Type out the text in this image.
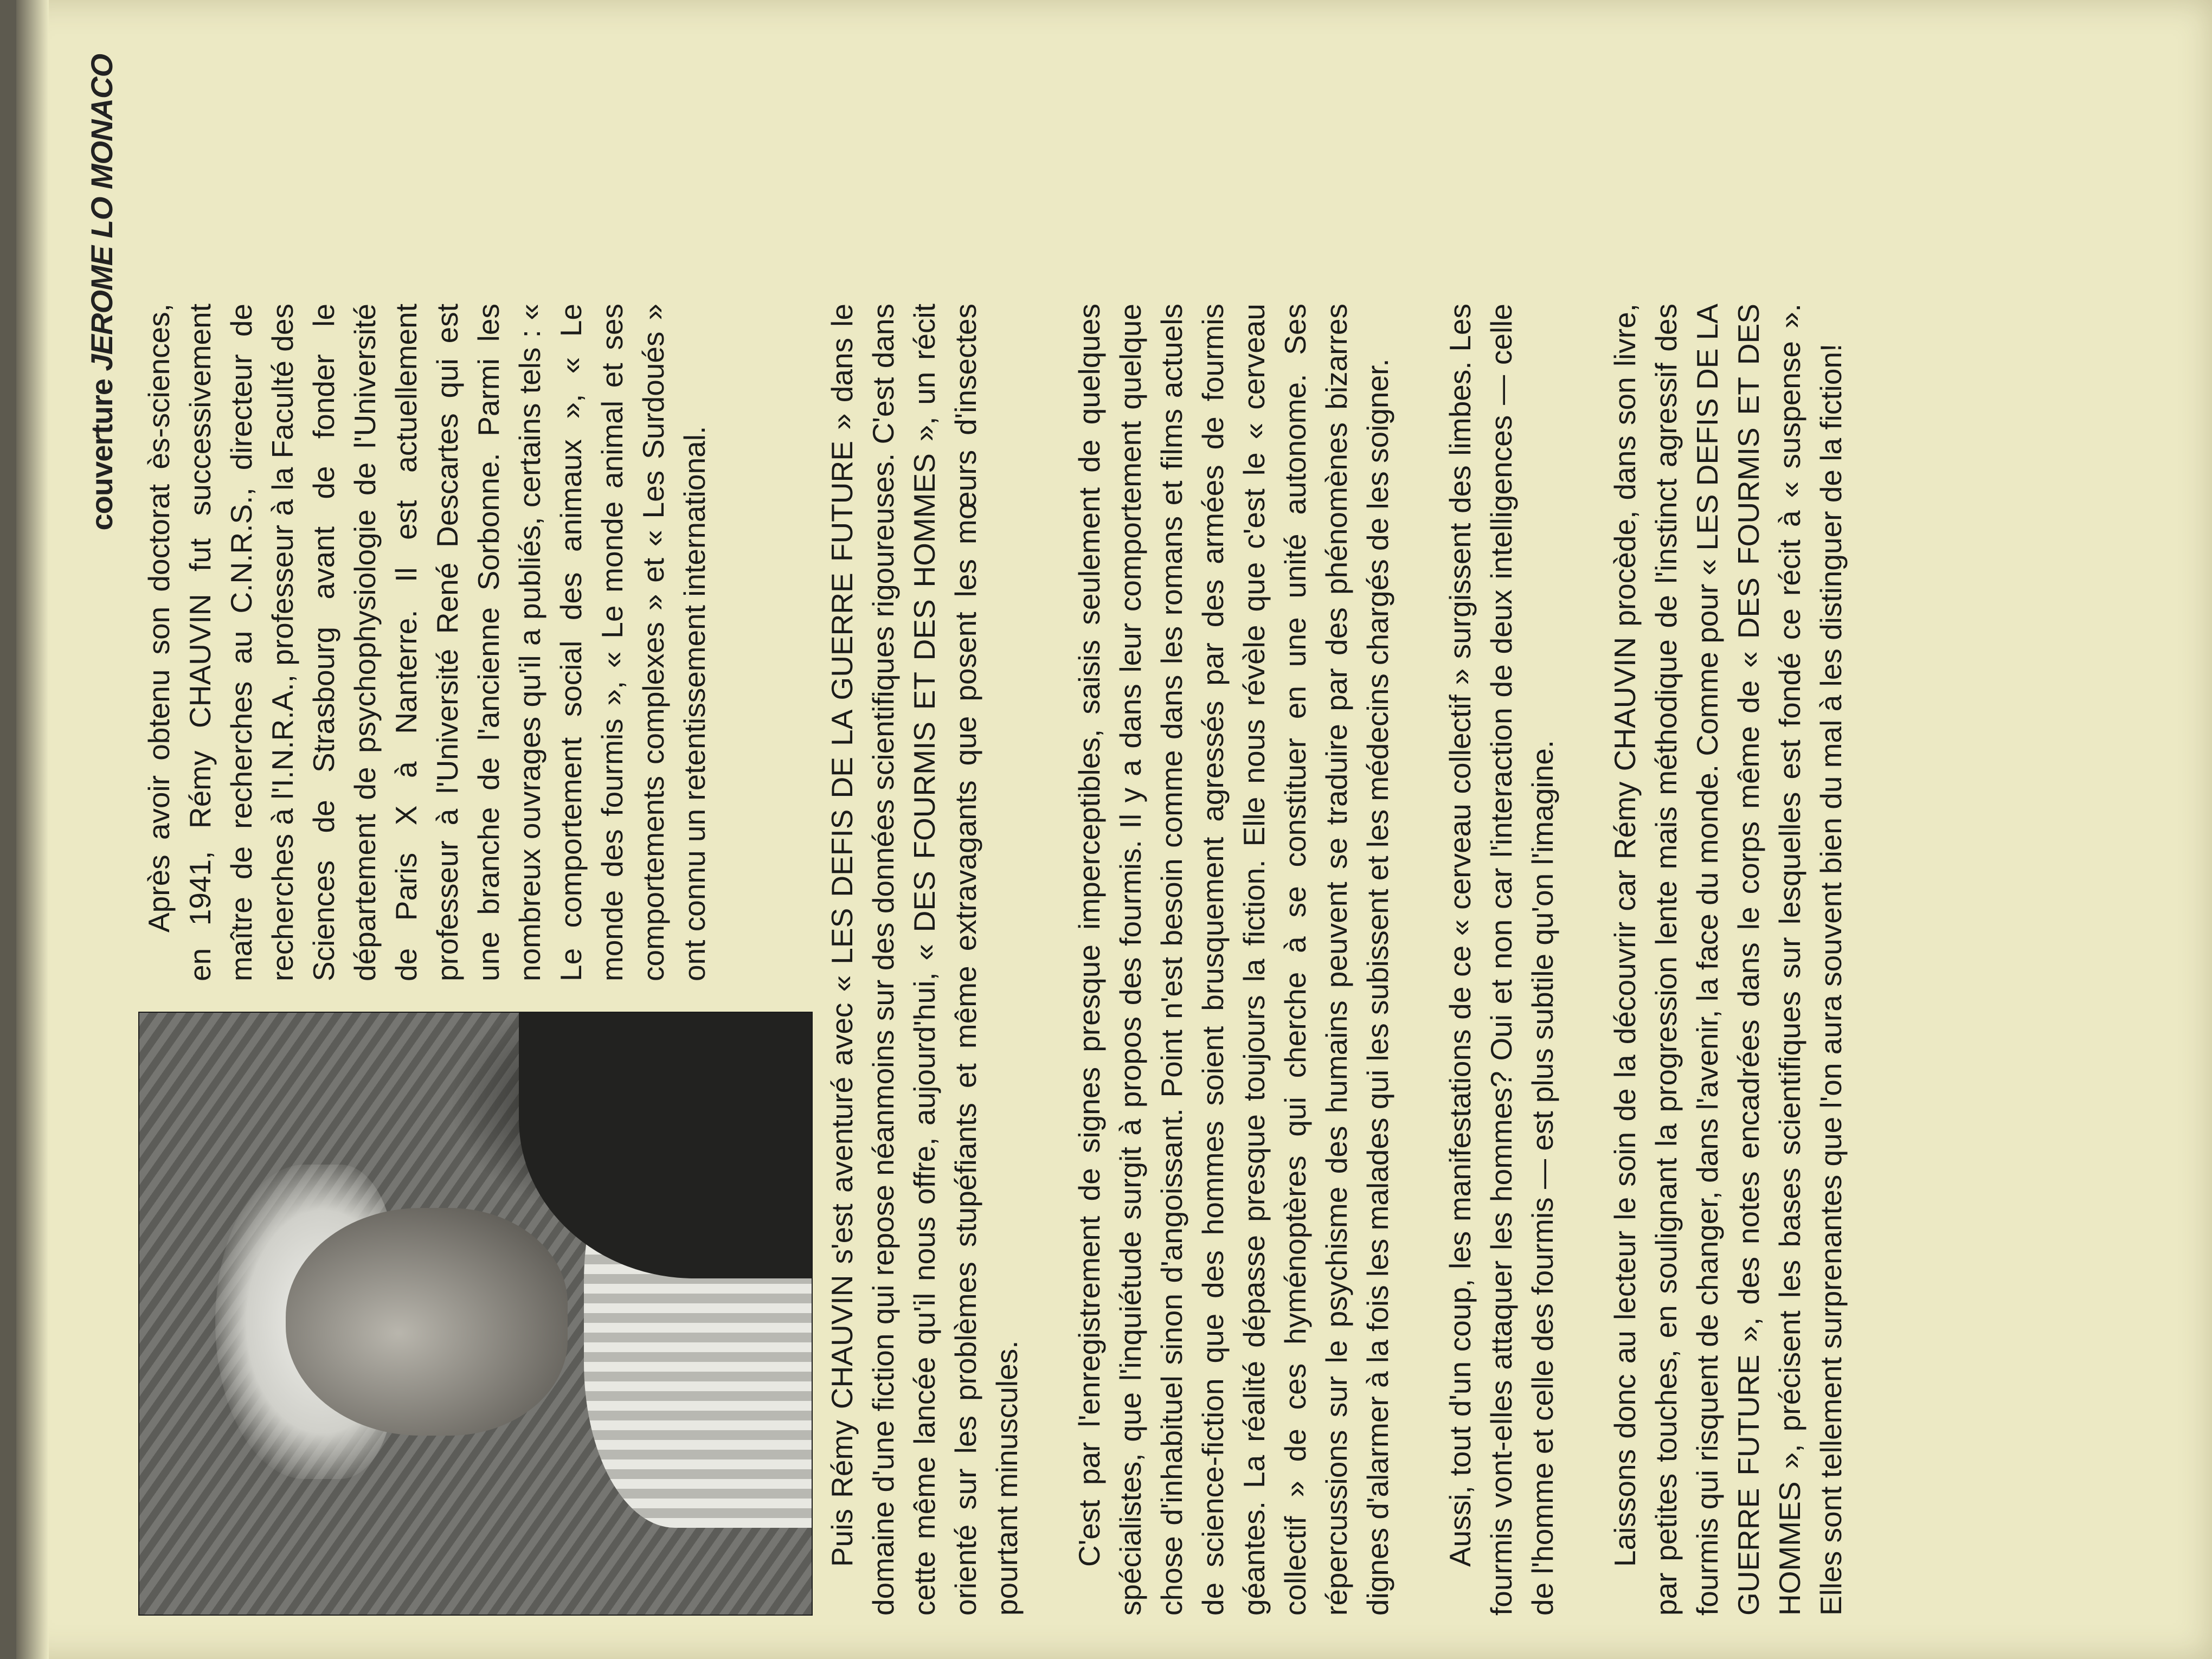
couverture JEROME LO MONACO

Après avoir obtenu son doctorat ès-sciences, en 1941, Rémy CHAUVIN fut successivement maître de recherches au C.N.R.S., directeur de recherches à l'I.N.R.A., professeur à la Faculté des Sciences de Strasbourg avant de fonder le département de psychophysiologie de l'Université de Paris X à Nanterre. Il est actuellement professeur à l'Université René Descartes qui est une branche de l'ancienne Sorbonne. Parmi les nombreux ouvrages qu'il a publiés, certains tels : « Le comportement social des animaux », « Le monde des fourmis », « Le monde animal et ses comportements complexes » et « Les Surdoués » ont connu un retentissement international.	Puis Rémy CHAUVIN s'est aventuré avec « LES DEFIS DE LA GUERRE FUTURE » dans le domaine d'une fiction qui repose néanmoins sur des données scientifiques rigoureuses. C'est dans cette même lancée qu'il nous offre, aujourd'hui, « DES FOURMIS ET DES HOMMES », un récit orienté sur les problèmes stupéfiants et même extravagants que posent les mœurs d'insectes pourtant minuscules. C'est par l'enregistrement de signes presque imperceptibles, saisis seulement de quelques spécialistes, que l'inquiétude surgit à propos des fourmis. Il y a dans leur comportement quelque chose d'inhabituel sinon d'angoissant. Point n'est besoin comme dans les romans et films actuels de science-fiction que des hommes soient brusquement agressés par des armées de fourmis géantes. La réalité dépasse presque toujours la fiction. Elle nous révèle que c'est le « cerveau collectif » de ces hyménoptères qui cherche à se constituer en une unité autonome. Ses répercussions sur le psychisme des humains peuvent se traduire par des phénomènes bizarres dignes d'alarmer à la fois les malades qui les subissent et les médecins chargés de les soigner. Aussi, tout d'un coup, les manifestations de ce « cerveau collectif » surgissent des limbes. Les fourmis vont-elles attaquer les hommes? Oui et non car l'interaction de deux intelligences — celle de l'homme et celle des fourmis — est plus subtile qu'on l'imagine. Laissons donc au lecteur le soin de la découvrir car Rémy CHAUVIN procède, dans son livre, par petites touches, en soulignant la progression lente mais méthodique de l'instinct agressif des fourmis qui risquent de changer, dans l'avenir, la face du monde. Comme pour « LES DEFIS DE LA GUERRE FUTURE », des notes encadrées dans le corps même de « DES FOURMIS ET DES HOMMES », précisent les bases scientifiques sur lesquelles est fondé ce récit à « suspense ». Elles sont tellement surprenantes que l'on aura souvent bien du mal à les distinguer de la fiction!
